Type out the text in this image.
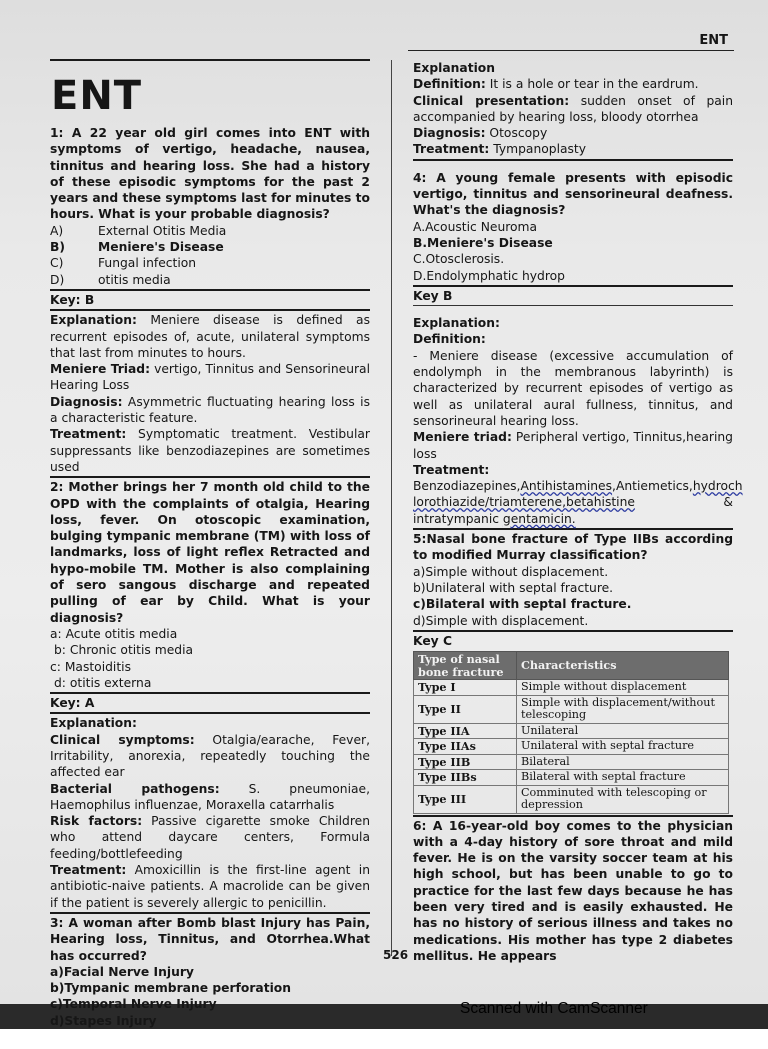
ENT
ENT
1: A 22 year old girl comes into ENT with symptoms of vertigo, headache, nausea, tinnitus and hearing loss. She had a history of these episodic symptoms for the past 2 years and these symptoms last for minutes to hours. What is your probable diagnosis?
A)	External Otitis Media
B)	Meniere's Disease
C)	Fungal infection
D)	otitis media
Key: B
Explanation: Meniere disease is defined as recurrent episodes of, acute, unilateral symptoms that last from minutes to hours.
Meniere Triad: vertigo, Tinnitus and Sensorineural Hearing Loss
Diagnosis: Asymmetric fluctuating hearing loss is a characteristic feature.
Treatment: Symptomatic treatment. Vestibular suppressants like benzodiazepines are sometimes used
2: Mother brings her 7 month old child to the OPD with the complaints of otalgia, Hearing loss, fever. On otoscopic examination, bulging tympanic membrane (TM) with loss of landmarks, loss of light reflex Retracted and hypo-mobile TM. Mother is also complaining of sero sangous discharge and repeated pulling of ear by Child. What is your diagnosis?
a: Acute otitis media
b: Chronic otitis media
c: Mastoiditis
d: otitis externa
Key: A
Explanation:
Clinical symptoms: Otalgia/earache, Fever, Irritability, anorexia, repeatedly touching the affected ear
Bacterial pathogens: S. pneumoniae, Haemophilus influenzae, Moraxella catarrhalis
Risk factors: Passive cigarette smoke Children who attend daycare centers, Formula feeding/bottlefeeding
Treatment: Amoxicillin is the first-line agent in antibiotic-naive patients. A macrolide can be given if the patient is severely allergic to penicillin.
3: A woman after Bomb blast Injury has Pain, Hearing loss, Tinnitus, and Otorrhea.What has occurred?
a)Facial Nerve Injury
b)Tympanic membrane perforation
c)Temporal Nerve Injury
d)Stapes Injury
Explanation
Definition: It is a hole or tear in the eardrum.
Clinical presentation: sudden onset of pain accompanied by hearing loss, bloody otorrhea
Diagnosis: Otoscopy
Treatment: Tympanoplasty
4: A young female presents with episodic vertigo, tinnitus and sensorineural deafness. What's the diagnosis?
A.Acoustic Neuroma
B.Meniere's Disease
C.Otosclerosis.
D.Endolymphatic hydrop
Key B
Explanation:
Definition:
- Meniere disease (excessive accumulation of endolymph in the membranous labyrinth) is characterized by recurrent episodes of vertigo as well as unilateral aural fullness, tinnitus, and sensorineural hearing loss.
Meniere triad: Peripheral vertigo, Tinnitus,hearing loss
Treatment:
Benzodiazepines,Antihistamines,Antiemetics,hydroch lorothiazide/triamterene,betahistine & intratympanic gentamicin.
5:Nasal bone fracture of Type IIBs according to modified Murray classification?
a)Simple without displacement.
b)Unilateral with septal fracture.
c)Bilateral with septal fracture.
d)Simple with displacement.
Key C
Type of nasal bone fracture	Characteristics
Type I	Simple without displacement
Type II	Simple with displacement/without telescoping
Type IIA	Unilateral
Type IIAs	Unilateral with septal fracture
Type IIB	Bilateral
Type IIBs	Bilateral with septal fracture
Type III	Comminuted with telescoping or depression
6: A 16-year-old boy comes to the physician with a 4-day history of sore throat and mild fever. He is on the varsity soccer team at his high school, but has been unable to go to practice for the last few days because he has been very tired and is easily exhausted. He has no history of serious illness and takes no medications. His mother has type 2 diabetes mellitus. He appears
526
Scanned with CamScanner
